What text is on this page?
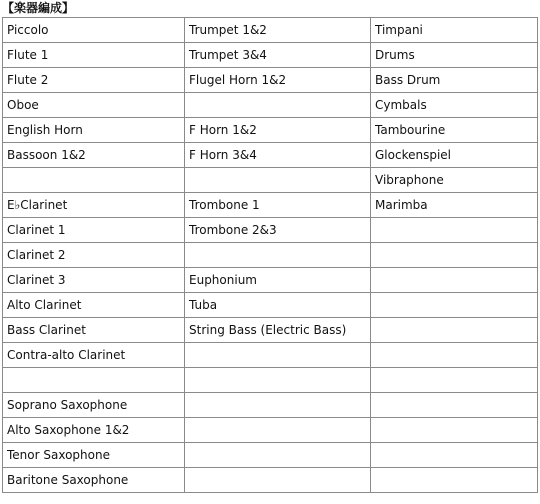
【楽器編成】
Piccolo	Trumpet 1&2	Timpani
Flute 1	Trumpet 3&4	Drums
Flute 2	Flugel Horn 1&2	Bass Drum
Oboe		Cymbals
English Horn	F Horn 1&2	Tambourine
Bassoon 1&2	F Horn 3&4	Glockenspiel
		Vibraphone
E♭Clarinet	Trombone 1	Marimba
Clarinet 1	Trombone 2&3	
Clarinet 2		
Clarinet 3	Euphonium	
Alto Clarinet	Tuba	
Bass Clarinet	String Bass (Electric Bass)	
Contra-alto Clarinet		

Soprano Saxophone		
Alto Saxophone 1&2		
Tenor Saxophone		
Baritone Saxophone		
